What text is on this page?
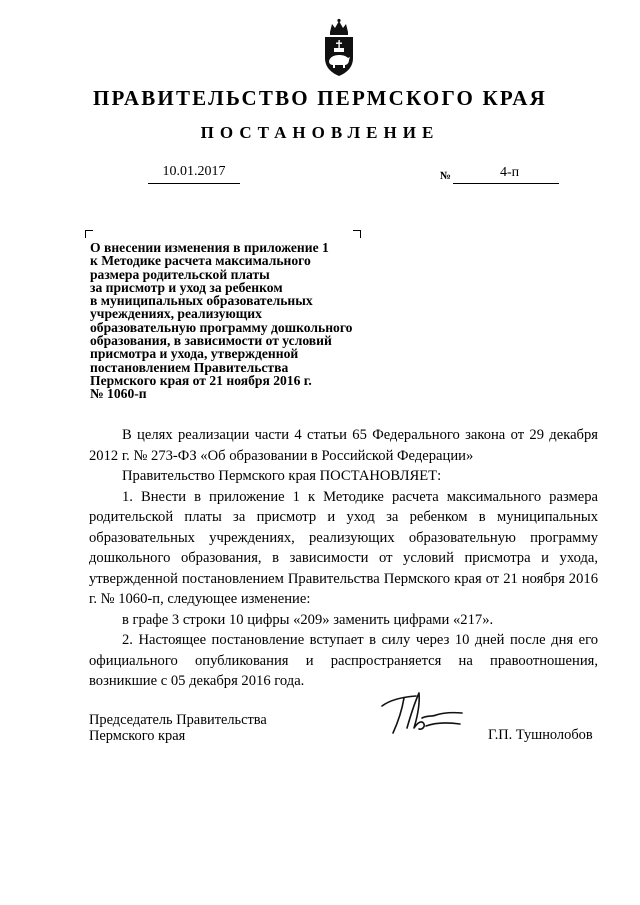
ПРАВИТЕЛЬСТВО ПЕРМСКОГО КРАЯ
ПОСТАНОВЛЕНИЕ
10.01.2017	№	4-п
О внесении изменения в приложение 1
к Методике расчета максимального
размера родительской платы
за присмотр и уход за ребенком
в муниципальных образовательных
учреждениях, реализующих
образовательную программу дошкольного
образования, в зависимости от условий
присмотра и ухода, утвержденной
постановлением Правительства
Пермского края от 21 ноября 2016 г.
№ 1060-п

В целях реализации части 4 статьи 65 Федерального закона от 29 декабря 2012 г. № 273-ФЗ «Об образовании в Российской Федерации»

Правительство Пермского края ПОСТАНОВЛЯЕТ:

1. Внести в приложение 1 к Методике расчета максимального размера родительской платы за присмотр и уход за ребенком в муниципальных образовательных учреждениях, реализующих образовательную программу дошкольного образования, в зависимости от условий присмотра и ухода, утвержденной постановлением Правительства Пермского края от 21 ноября 2016 г. № 1060-п, следующее изменение:

в графе 3 строки 10 цифры «209» заменить цифрами «217».

2. Настоящее постановление вступает в силу через 10 дней после дня его официального опубликования и распространяется на правоотношения, возникшие с 05 декабря 2016 года.

Председатель Правительства
Пермского края	Г.П. Тушнолобов
